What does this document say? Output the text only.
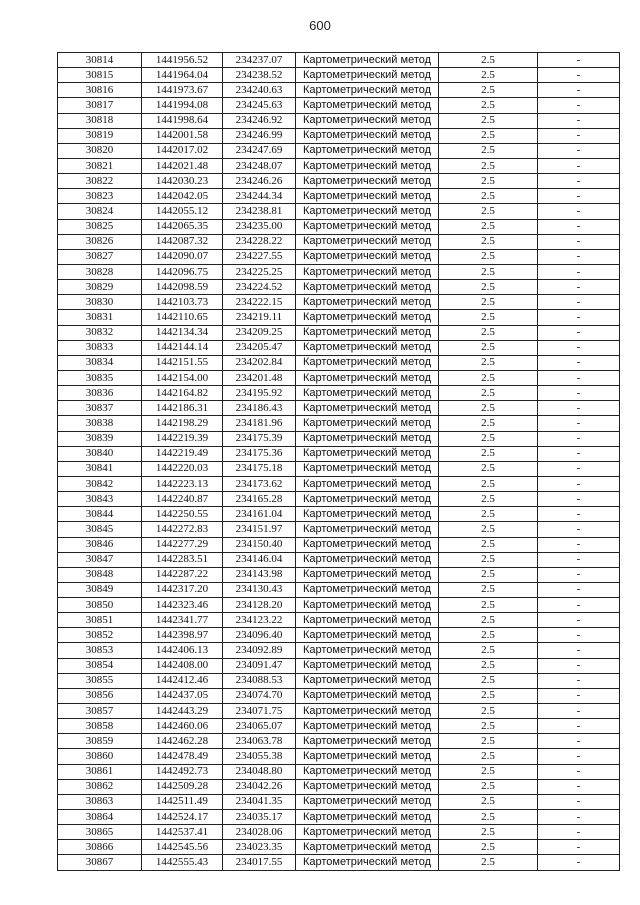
600
30814	1441956.52	234237.07	Картометрический метод	2.5	-
30815	1441964.04	234238.52	Картометрический метод	2.5	-
30816	1441973.67	234240.63	Картометрический метод	2.5	-
30817	1441994.08	234245.63	Картометрический метод	2.5	-
30818	1441998.64	234246.92	Картометрический метод	2.5	-
30819	1442001.58	234246.99	Картометрический метод	2.5	-
30820	1442017.02	234247.69	Картометрический метод	2.5	-
30821	1442021.48	234248.07	Картометрический метод	2.5	-
30822	1442030.23	234246.26	Картометрический метод	2.5	-
30823	1442042.05	234244.34	Картометрический метод	2.5	-
30824	1442055.12	234238.81	Картометрический метод	2.5	-
30825	1442065.35	234235.00	Картометрический метод	2.5	-
30826	1442087.32	234228.22	Картометрический метод	2.5	-
30827	1442090.07	234227.55	Картометрический метод	2.5	-
30828	1442096.75	234225.25	Картометрический метод	2.5	-
30829	1442098.59	234224.52	Картометрический метод	2.5	-
30830	1442103.73	234222.15	Картометрический метод	2.5	-
30831	1442110.65	234219.11	Картометрический метод	2.5	-
30832	1442134.34	234209.25	Картометрический метод	2.5	-
30833	1442144.14	234205.47	Картометрический метод	2.5	-
30834	1442151.55	234202.84	Картометрический метод	2.5	-
30835	1442154.00	234201.48	Картометрический метод	2.5	-
30836	1442164.82	234195.92	Картометрический метод	2.5	-
30837	1442186.31	234186.43	Картометрический метод	2.5	-
30838	1442198.29	234181.96	Картометрический метод	2.5	-
30839	1442219.39	234175.39	Картометрический метод	2.5	-
30840	1442219.49	234175.36	Картометрический метод	2.5	-
30841	1442220.03	234175.18	Картометрический метод	2.5	-
30842	1442223.13	234173.62	Картометрический метод	2.5	-
30843	1442240.87	234165.28	Картометрический метод	2.5	-
30844	1442250.55	234161.04	Картометрический метод	2.5	-
30845	1442272.83	234151.97	Картометрический метод	2.5	-
30846	1442277.29	234150.40	Картометрический метод	2.5	-
30847	1442283.51	234146.04	Картометрический метод	2.5	-
30848	1442287.22	234143.98	Картометрический метод	2.5	-
30849	1442317.20	234130.43	Картометрический метод	2.5	-
30850	1442323.46	234128.20	Картометрический метод	2.5	-
30851	1442341.77	234123.22	Картометрический метод	2.5	-
30852	1442398.97	234096.40	Картометрический метод	2.5	-
30853	1442406.13	234092.89	Картометрический метод	2.5	-
30854	1442408.00	234091.47	Картометрический метод	2.5	-
30855	1442412.46	234088.53	Картометрический метод	2.5	-
30856	1442437.05	234074.70	Картометрический метод	2.5	-
30857	1442443.29	234071.75	Картометрический метод	2.5	-
30858	1442460.06	234065.07	Картометрический метод	2.5	-
30859	1442462.28	234063.78	Картометрический метод	2.5	-
30860	1442478.49	234055.38	Картометрический метод	2.5	-
30861	1442492.73	234048.80	Картометрический метод	2.5	-
30862	1442509.28	234042.26	Картометрический метод	2.5	-
30863	1442511.49	234041.35	Картометрический метод	2.5	-
30864	1442524.17	234035.17	Картометрический метод	2.5	-
30865	1442537.41	234028.06	Картометрический метод	2.5	-
30866	1442545.56	234023.35	Картометрический метод	2.5	-
30867	1442555.43	234017.55	Картометрический метод	2.5	-
